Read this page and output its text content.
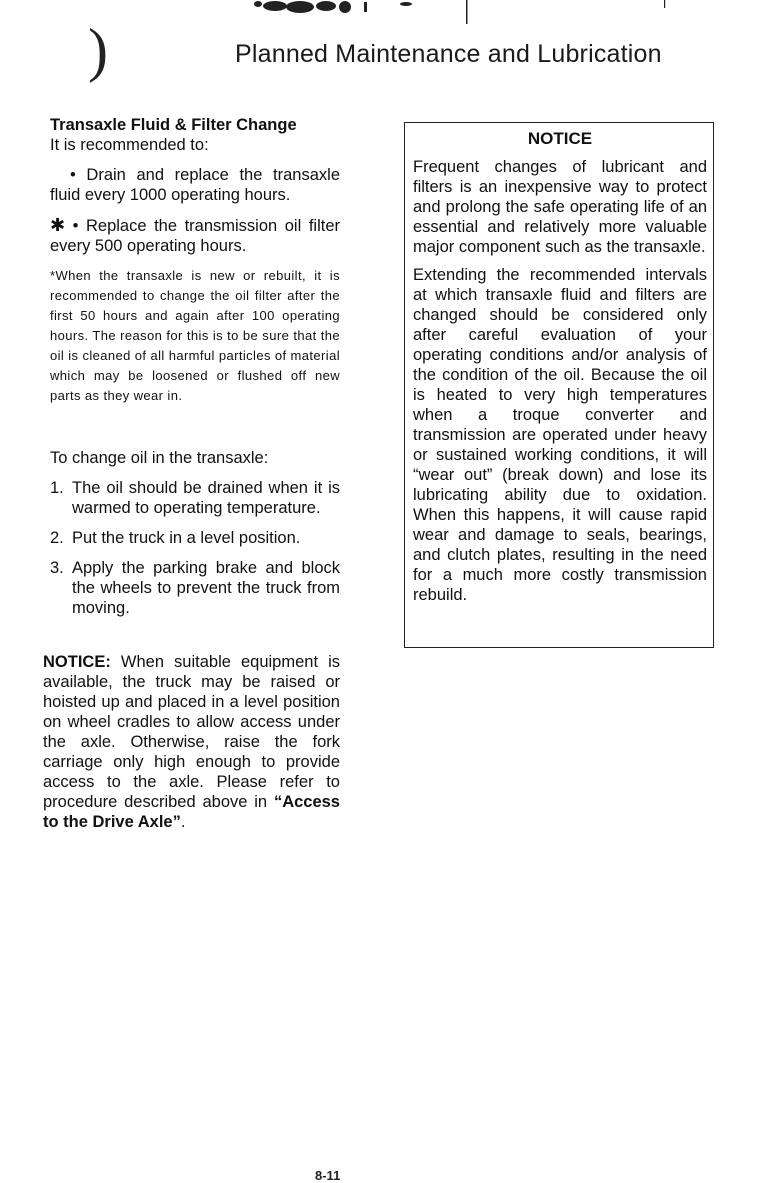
)	Planned Maintenance and Lubrication
Transaxle Fluid & Filter Change

It is recommended to:

• Drain and replace the transaxle fluid every 1000 operating hours.

✱ • Replace the transmission oil filter every 500 operating hours.

*When the transaxle is new or rebuilt, it is recommended to change the oil filter after the first 50 hours and again after 100 operating hours. The reason for this is to be sure that the oil is cleaned of all harmful particles of material which may be loosened or flushed off new parts as they wear in.

To change oil in the transaxle:

1. The oil should be drained when it is warmed to operating temperature.
2. Put the truck in a level position.
3. Apply the parking brake and block the wheels to prevent the truck from moving.

NOTICE: When suitable equipment is available, the truck may be raised or hoisted up and placed in a level position on wheel cradles to allow access under the axle. Otherwise, raise the fork carriage only high enough to provide access to the axle. Please refer to procedure described above in “Access to the Drive Axle”.

NOTICE

Frequent changes of lubricant and filters is an inexpensive way to protect and prolong the safe operating life of an essential and relatively more valuable major component such as the transaxle.

Extending the recommended intervals at which transaxle fluid and filters are changed should be considered only after careful evaluation of your operating conditions and/or analysis of the condition of the oil. Because the oil is heated to very high temperatures when a troque converter and transmission are operated under heavy or sustained working conditions, it will “wear out” (break down) and lose its lubricating ability due to oxidation. When this happens, it will cause rapid wear and damage to seals, bearings, and clutch plates, resulting in the need for a much more costly transmission rebuild.

8-11
